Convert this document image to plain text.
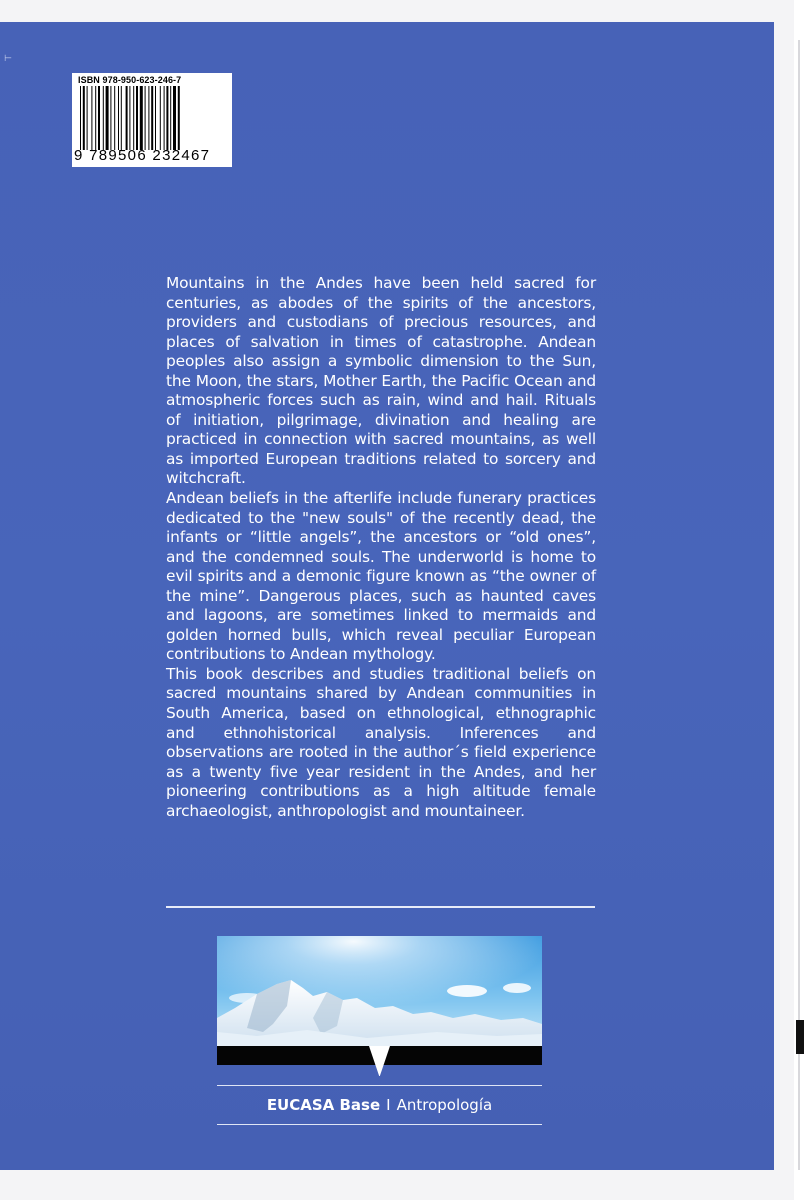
⊢
ISBN 978-950-623-246-7
9 789506 232467

Mountains in the Andes have been held sacred for centuries, as abodes of the spirits of the ancestors, providers and custodians of precious resources, and places of salvation in times of catastrophe. Andean peoples also assign a symbolic dimension to the Sun, the Moon, the stars, Mother Earth, the Pacific Ocean and atmospheric forces such as rain, wind and hail. Rituals of initiation, pilgrimage, divination and healing are practiced in connection with sacred mountains, as well as imported European traditions related to sorcery and witchcraft.

Andean beliefs in the afterlife include funerary practices dedicated to the "new souls" of the recently dead, the infants or “little angels”, the ancestors or “old ones”, and the condemned souls. The underworld is home to evil spirits and a demonic figure known as “the owner of the mine”. Dangerous places, such as haunted caves and lagoons, are sometimes linked to mermaids and golden horned bulls, which reveal peculiar European contributions to Andean mythology.

This book describes and studies traditional beliefs on sacred mountains shared by Andean communities in South America, based on ethnological, ethnographic and ethnohistorical analysis. Inferences and observations are rooted in the author´s field experience as a twenty five year resident in the Andes, and her pioneering contributions as a high altitude female archaeologist, anthropologist and mountaineer.

EUCASA Base I Antropología
